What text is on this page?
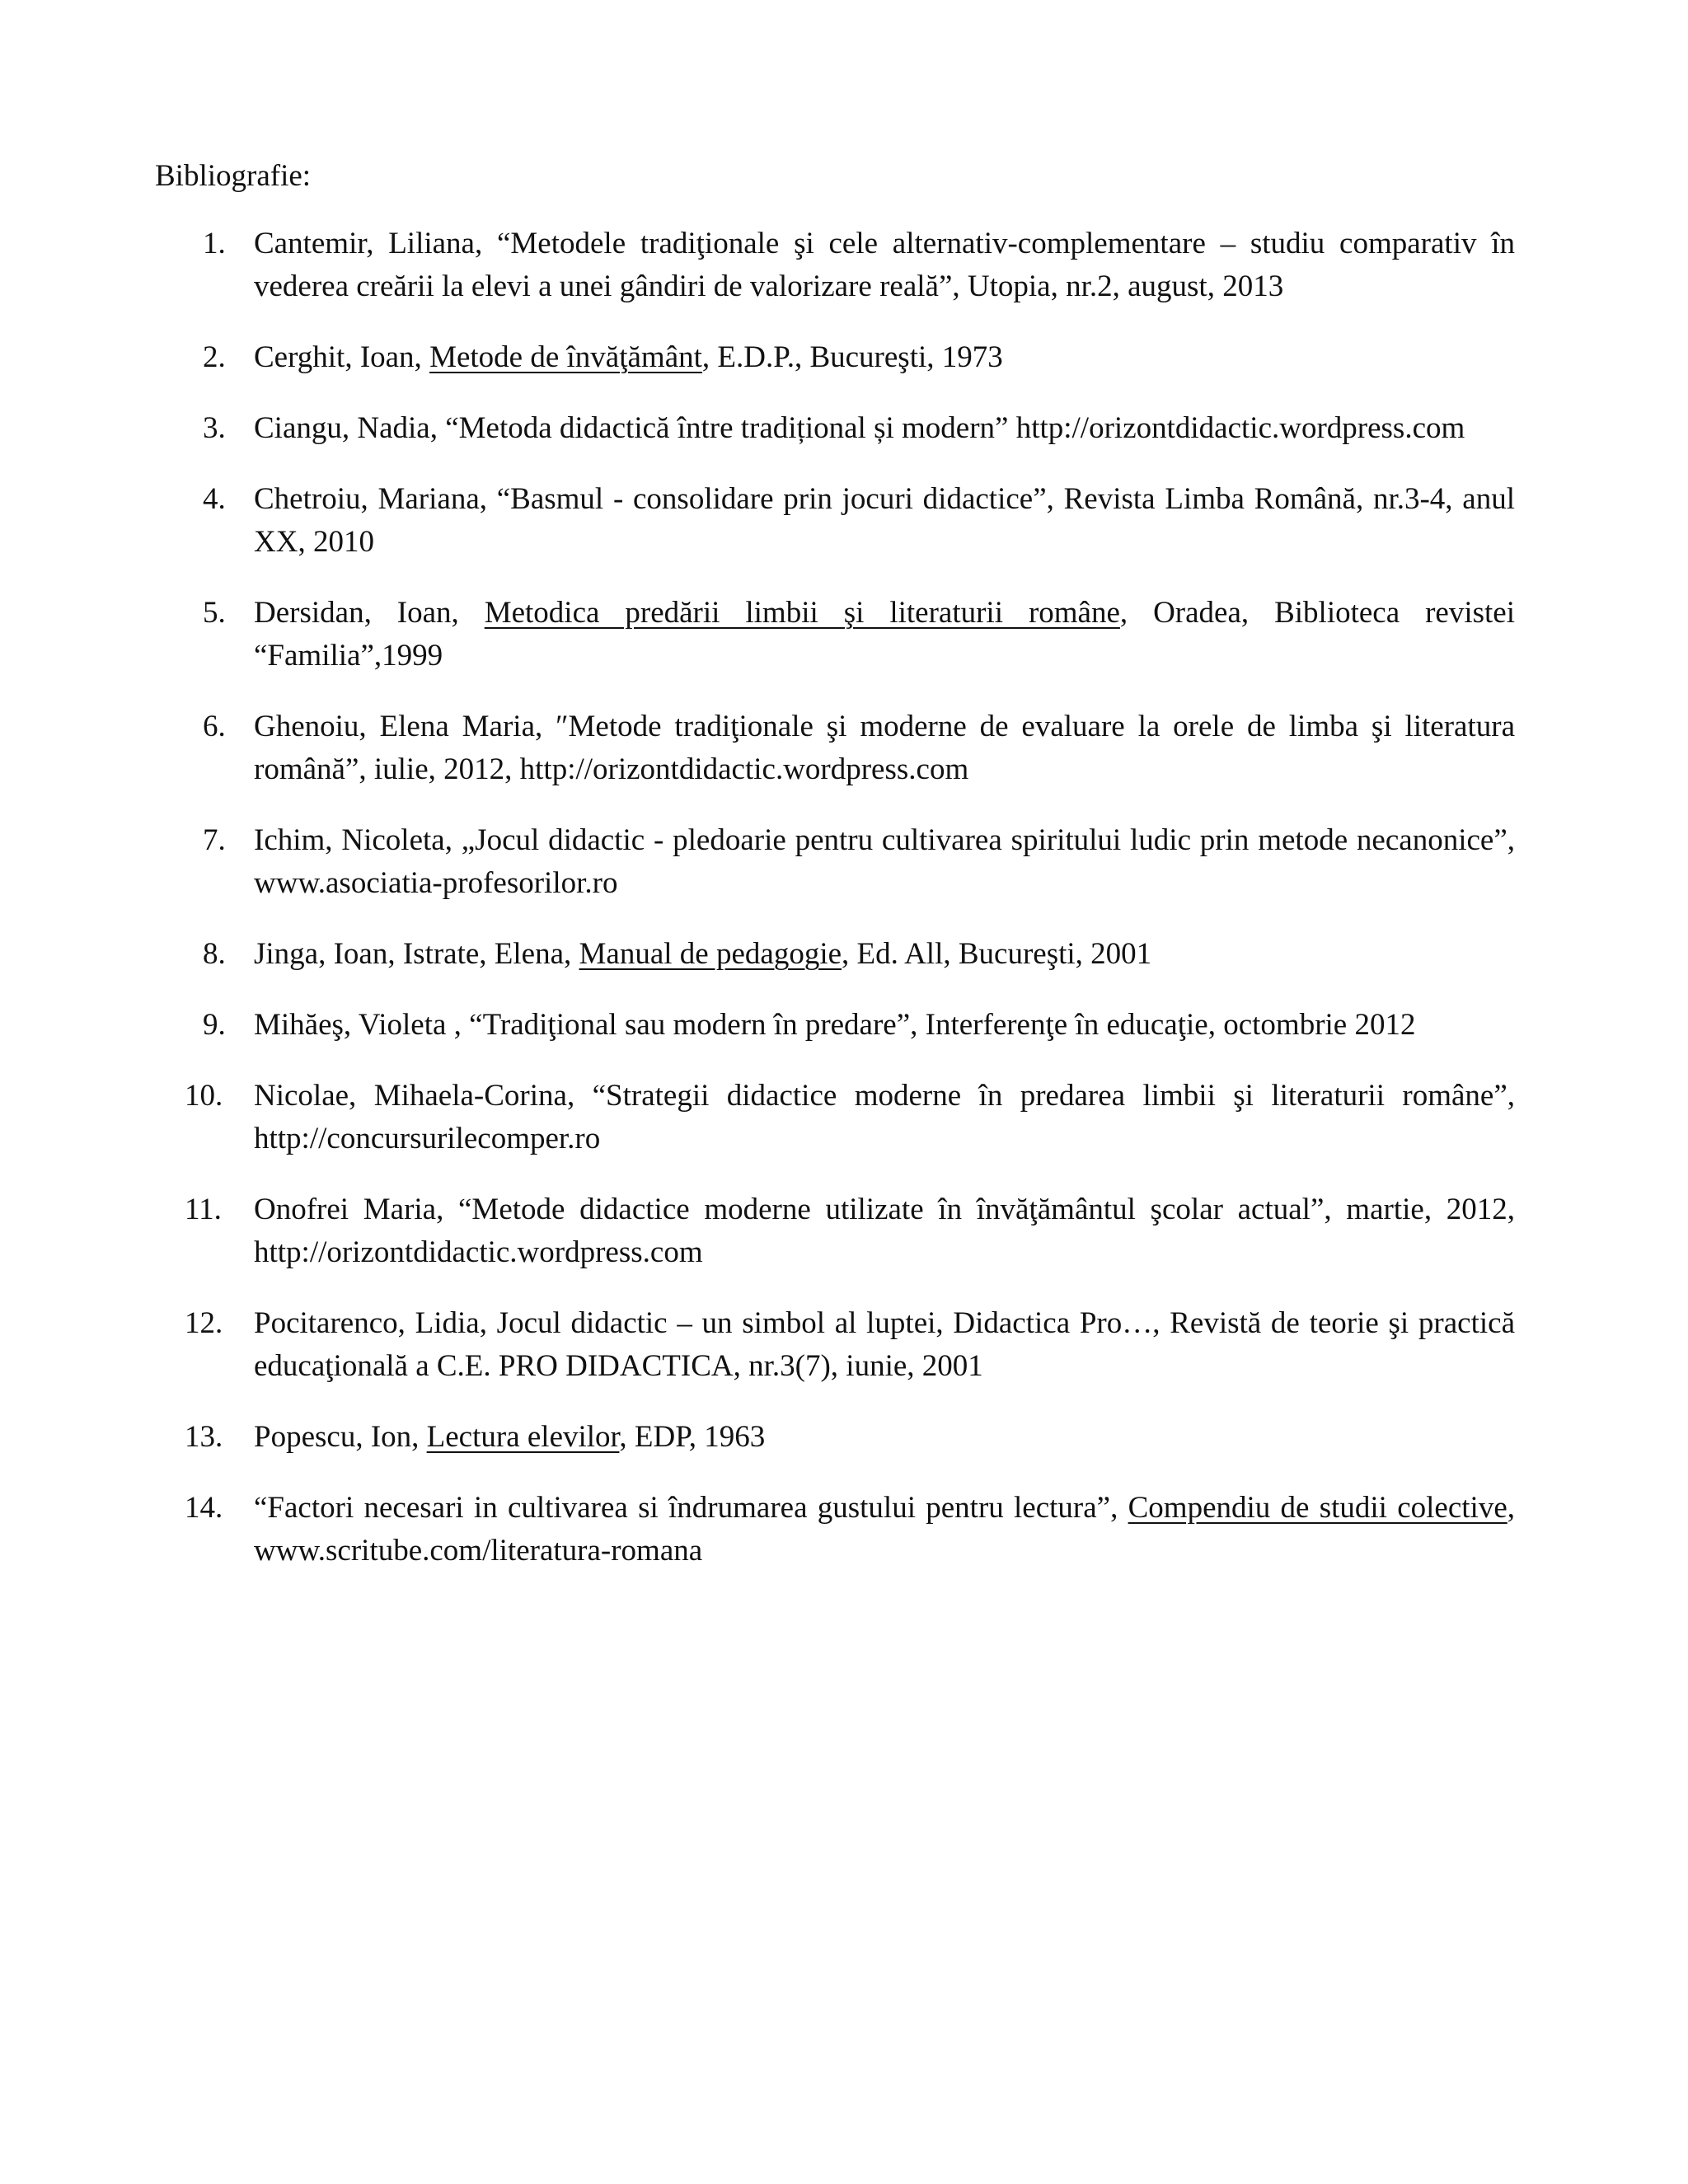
Bibliografie:
1. Cantemir, Liliana, “Metodele tradiţionale şi cele alternativ-complementare – studiu comparativ în vederea creării la elevi a unei gândiri de valorizare reală”, Utopia, nr.2, august, 2013
2. Cerghit, Ioan, Metode de învăţământ, E.D.P., Bucureşti, 1973
3. Ciangu, Nadia, “Metoda didactică între tradițional și modern” http://orizontdidactic.wordpress.com
4. Chetroiu, Mariana, “Basmul - consolidare prin jocuri didactice”, Revista Limba Română, nr.3-4, anul XX, 2010
5. Dersidan, Ioan, Metodica predării limbii şi literaturii române, Oradea, Biblioteca revistei “Familia”,1999
6. Ghenoiu, Elena Maria, ″Metode tradiţionale şi moderne de evaluare la orele de limba şi literatura română”, iulie, 2012, http://orizontdidactic.wordpress.com
7. Ichim, Nicoleta, „Jocul didactic - pledoarie pentru cultivarea spiritului ludic prin metode necanonice”, www.asociatia-profesorilor.ro
8. Jinga, Ioan, Istrate, Elena, Manual de pedagogie, Ed. All, Bucureşti, 2001
9. Mihăeş, Violeta , “Tradiţional sau modern în predare”, Interferenţe în educaţie, octombrie 2012
10. Nicolae, Mihaela-Corina, “Strategii didactice moderne în predarea limbii şi literaturii române”, http://concursurilecomper.ro
11. Onofrei Maria, “Metode didactice moderne utilizate în învăţământul şcolar actual”, martie, 2012, http://orizontdidactic.wordpress.com
12. Pocitarenco, Lidia, Jocul didactic – un simbol al luptei, Didactica Pro…, Revistă de teorie şi practică educaţională a C.E. PRO DIDACTICA, nr.3(7), iunie, 2001
13. Popescu, Ion, Lectura elevilor, EDP, 1963
14. “Factori necesari in cultivarea si îndrumarea gustului pentru lectura”, Compendiu de studii colective, www.scritube.com/literatura-romana
